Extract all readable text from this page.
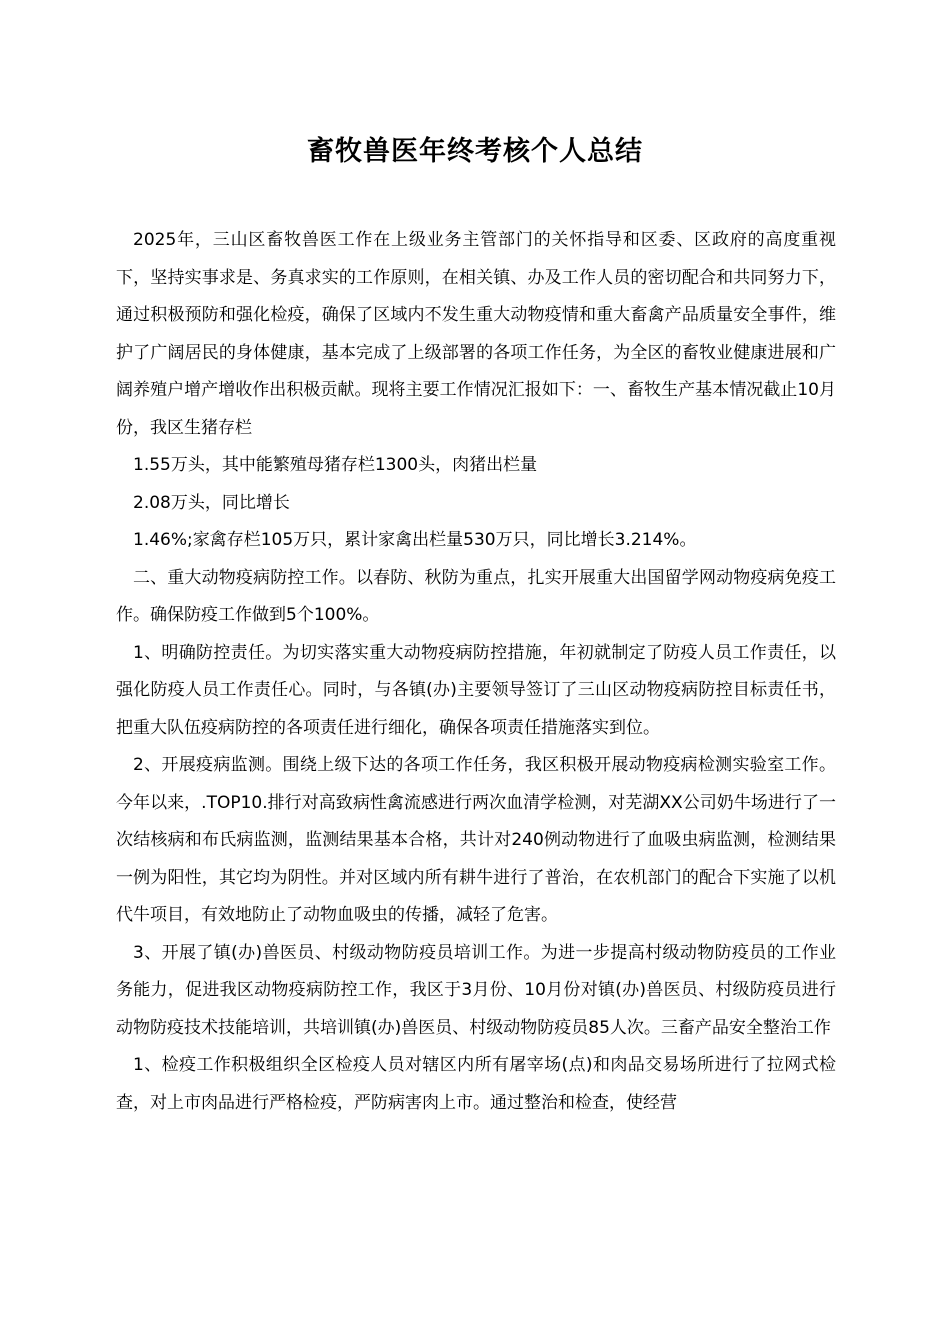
畜牧兽医年终考核个人总结

2025年，三山区畜牧兽医工作在上级业务主管部门的关怀指导和区委、区政府的高度重视下，坚持实事求是、务真求实的工作原则，在相关镇、办及工作人员的密切配合和共同努力下，通过积极预防和强化检疫，确保了区域内不发生重大动物疫情和重大畜禽产品质量安全事件，维护了广阔居民的身体健康，基本完成了上级部署的各项工作任务，为全区的畜牧业健康进展和广阔养殖户增产增收作出积极贡献。现将主要工作情况汇报如下：一、畜牧生产基本情况截止10月份，我区生猪存栏

1.55万头，其中能繁殖母猪存栏1300头，肉猪出栏量

2.08万头，同比增长

1.46%;家禽存栏105万只，累计家禽出栏量530万只，同比增长3.214%。

二、重大动物疫病防控工作。以春防、秋防为重点，扎实开展重大出国留学网动物疫病免疫工作。确保防疫工作做到5个100%。

1、明确防控责任。为切实落实重大动物疫病防控措施，年初就制定了防疫人员工作责任，以强化防疫人员工作责任心。同时，与各镇(办)主要领导签订了三山区动物疫病防控目标责任书，把重大队伍疫病防控的各项责任进行细化，确保各项责任措施落实到位。

2、开展疫病监测。围绕上级下达的各项工作任务，我区积极开展动物疫病检测实验室工作。今年以来，.TOP10.排行对高致病性禽流感进行两次血清学检测，对芜湖XX公司奶牛场进行了一次结核病和布氏病监测，监测结果基本合格，共计对240例动物进行了血吸虫病监测，检测结果一例为阳性，其它均为阴性。并对区域内所有耕牛进行了普治，在农机部门的配合下实施了以机代牛项目，有效地防止了动物血吸虫的传播，减轻了危害。

3、开展了镇(办)兽医员、村级动物防疫员培训工作。为进一步提高村级动物防疫员的工作业务能力，促进我区动物疫病防控工作，我区于3月份、10月份对镇(办)兽医员、村级防疫员进行动物防疫技术技能培训，共培训镇(办)兽医员、村级动物防疫员85人次。三畜产品安全整治工作

1、检疫工作积极组织全区检疫人员对辖区内所有屠宰场(点)和肉品交易场所进行了拉网式检查，对上市肉品进行严格检疫，严防病害肉上市。通过整治和检查，使经营
